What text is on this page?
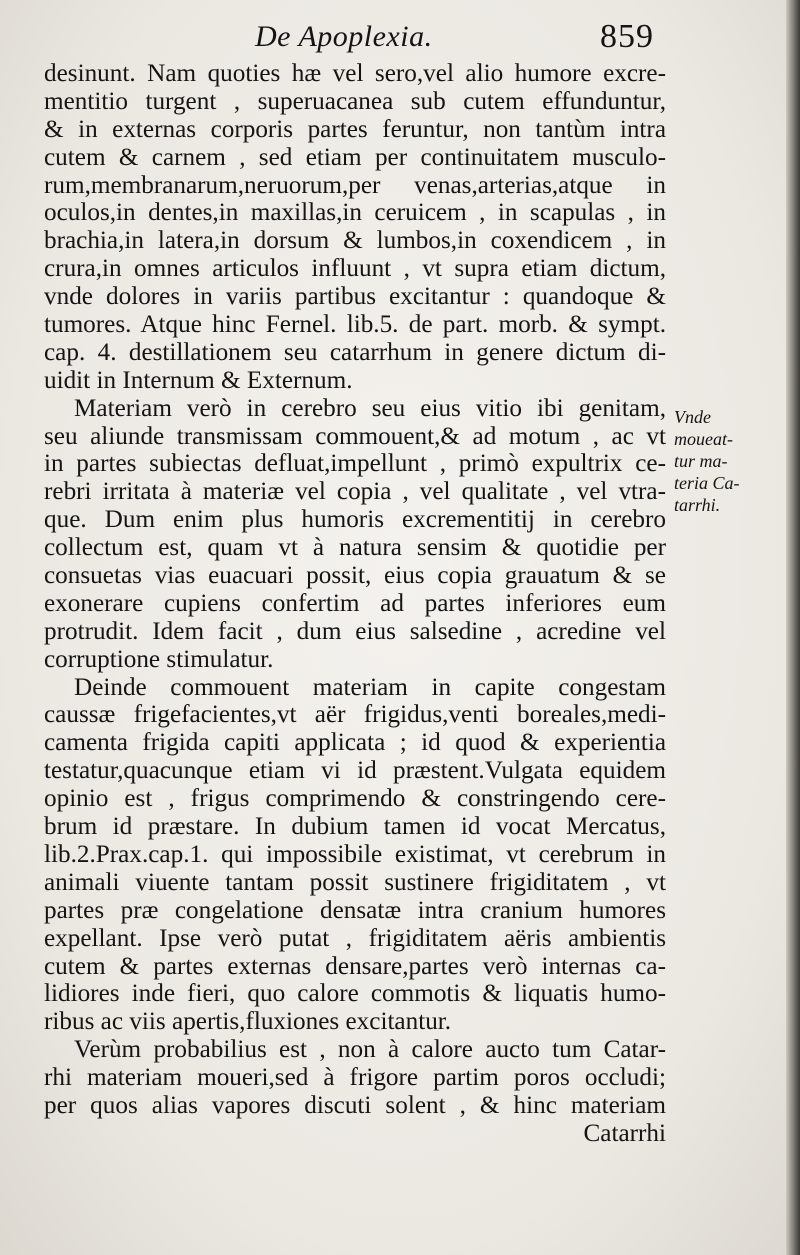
De Apoplexia.	859
desinunt. Nam quoties hæ vel sero,vel alio humore excre-
mentitio turgent , superuacanea sub cutem effunduntur,
& in externas corporis partes feruntur, non tantùm intra
cutem & carnem , sed etiam per continuitatem musculo-
rum,membranarum,neruorum,per venas,arterias,atque in
oculos,in dentes,in maxillas,in ceruicem , in scapulas , in
brachia,in latera,in dorsum & lumbos,in coxendicem , in
crura,in omnes articulos influunt , vt supra etiam dictum,
vnde dolores in variis partibus excitantur : quandoque &
tumores. Atque hinc Fernel. lib.5. de part. morb. & sympt.
cap. 4. destillationem seu catarrhum in genere dictum di-
uidit in Internum & Externum.
Materiam verò in cerebro seu eius vitio ibi genitam,
seu aliunde transmissam commouent,& ad motum , ac vt
in partes subiectas defluat,impellunt , primò expultrix ce-
rebri irritata à materiæ vel copia , vel qualitate , vel vtra-
que. Dum enim plus humoris excrementitij in cerebro
collectum est, quam vt à natura sensim & quotidie per
consuetas vias euacuari possit, eius copia grauatum & se
exonerare cupiens confertim ad partes inferiores eum
protrudit. Idem facit , dum eius salsedine , acredine vel
corruptione stimulatur.
Deinde commouent materiam in capite congestam
caussæ frigefacientes,vt aër frigidus,venti boreales,medi-
camenta frigida capiti applicata ; id quod & experientia
testatur,quacunque etiam vi id præstent.Vulgata equidem
opinio est , frigus comprimendo & constringendo cere-
brum id præstare. In dubium tamen id vocat Mercatus,
lib.2.Prax.cap.1. qui impossibile existimat, vt cerebrum in
animali viuente tantam possit sustinere frigiditatem , vt
partes præ congelatione densatæ intra cranium humores
expellant. Ipse verò putat , frigiditatem aëris ambientis
cutem & partes externas densare,partes verò internas ca-
lidiores inde fieri, quo calore commotis & liquatis humo-
ribus ac viis apertis,fluxiones excitantur.
Verùm probabilius est , non à calore aucto tum Catar-
rhi materiam moueri,sed à frigore partim poros occludi;
per quos alias vapores discuti solent , & hinc materiam
Catarrhi
Vnde
moueat-
tur ma-
teria Ca-
tarrhi.
